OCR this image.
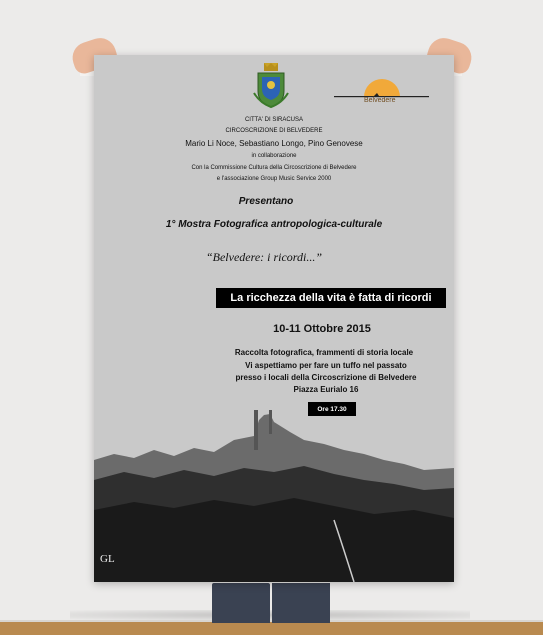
Belvedere
CITTA' DI SIRACUSA
CIRCOSCRIZIONE DI BELVEDERE
Mario Li Noce, Sebastiano Longo, Pino Genovese
in collaborazione
Con la Commissione Cultura della Circoscrizione di Belvedere
e l'associazione Group Music Service 2000
Presentano
1° Mostra Fotografica antropologica-culturale
“Belvedere: i ricordi...”
La ricchezza della vita è fatta di ricordi
10-11 Ottobre 2015
Raccolta fotografica, frammenti di storia locale
Vi aspettiamo per fare un tuffo nel passato
presso i locali della Circoscrizione di Belvedere
Piazza Eurialo 16
Ore 17.30
GL
